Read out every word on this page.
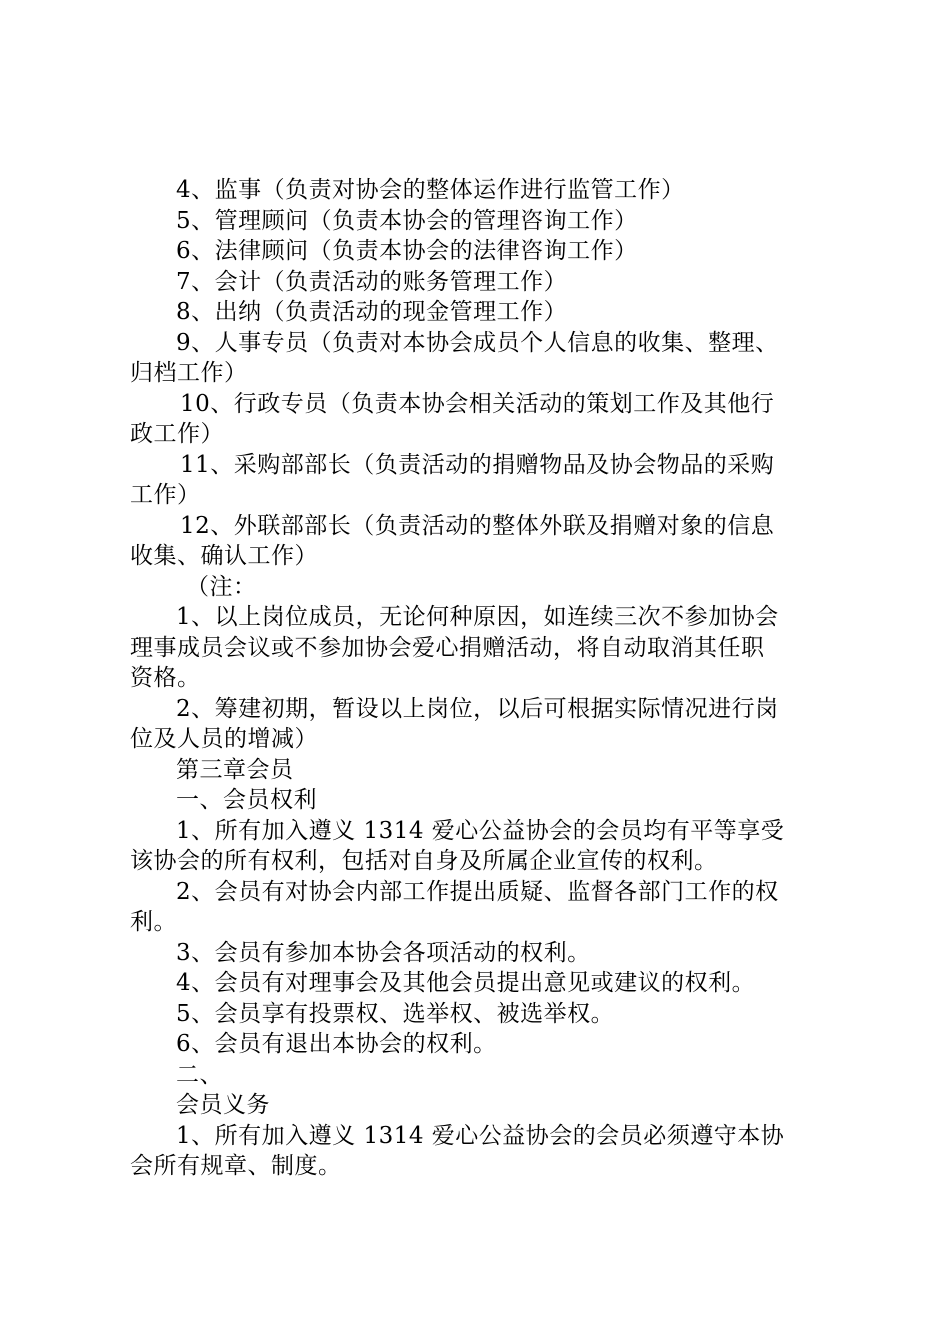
4、监事（负责对协会的整体运作进行监管工作）
5、管理顾问（负责本协会的管理咨询工作）
6、法律顾问（负责本协会的法律咨询工作）
7、会计（负责活动的账务管理工作）
8、出纳（负责活动的现金管理工作）
9、人事专员（负责对本协会成员个人信息的收集、整理、
归档工作）
10、行政专员（负责本协会相关活动的策划工作及其他行
政工作）
11、采购部部长（负责活动的捐赠物品及协会物品的采购
工作）
12、外联部部长（负责活动的整体外联及捐赠对象的信息
收集、确认工作）
（注：
1、以上岗位成员，无论何种原因，如连续三次不参加协会
理事成员会议或不参加协会爱心捐赠活动，将自动取消其任职
资格。
2、筹建初期，暂设以上岗位，以后可根据实际情况进行岗
位及人员的增减）
第三章会员
一、会员权利
1、所有加入遵义 1314 爱心公益协会的会员均有平等享受
该协会的所有权利，包括对自身及所属企业宣传的权利。
2、会员有对协会内部工作提出质疑、监督各部门工作的权
利。
3、会员有参加本协会各项活动的权利。
4、会员有对理事会及其他会员提出意见或建议的权利。
5、会员享有投票权、选举权、被选举权。
6、会员有退出本协会的权利。
二、
会员义务
1、所有加入遵义 1314 爱心公益协会的会员必须遵守本协
会所有规章、制度。
